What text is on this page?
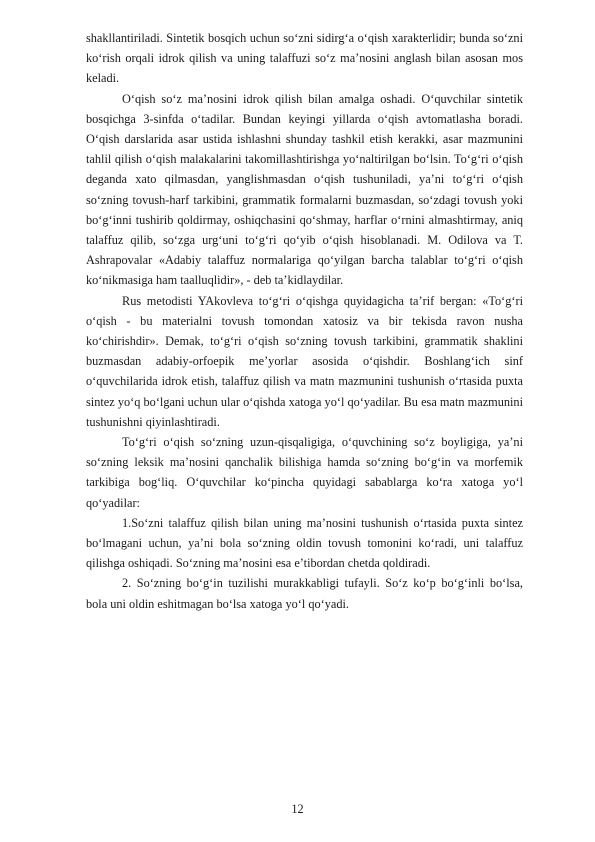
shakllantiriladi. Sintetik bosqich uchun so‘zni sidirg‘a o‘qish xarakterlidir; bunda so‘zni ko‘rish orqali idrok qilish va uning talaffuzi so‘z ma’nosini anglash bilan asosan mos keladi.

O‘qish so‘z ma’nosini idrok qilish bilan amalga oshadi. O‘quvchilar sintetik bosqichga 3-sinfda o‘tadilar. Bundan keyingi yillarda o‘qish avtomatlasha boradi. O‘qish darslarida asar ustida ishlashni shunday tashkil etish kerakki, asar mazmunini tahlil qilish o‘qish malakalarini takomillashtirishga yo‘naltirilgan bo‘lsin. To‘g‘ri o‘qish deganda xato qilmasdan, yanglishmasdan o‘qish tushuniladi, ya’ni to‘g‘ri o‘qish so‘zning tovush-harf tarkibini, grammatik formalarni buzmasdan, so‘zdagi tovush yoki bo‘g‘inni tushirib qoldirmay, oshiqchasini qo‘shmay, harflar o‘rnini almashtirmay, aniq talaffuz qilib, so‘zga urg‘uni to‘g‘ri qo‘yib o‘qish hisoblanadi. M. Odilova va T. Ashrapovalar «Adabiy talaffuz normalariga qo‘yilgan barcha talablar to‘g‘ri o‘qish ko‘nikmasiga ham taalluqlidir», - deb ta’kidlaydilar.

Rus metodisti YAkovleva to‘g‘ri o‘qishga quyidagicha ta’rif bergan: «To‘g‘ri o‘qish - bu materialni tovush tomondan xatosiz va bir tekisda ravon nusha ko‘chirishdir». Demak, to‘g‘ri o‘qish so‘zning tovush tarkibini, grammatik shaklini buzmasdan adabiy-orfoepik me’yorlar asosida o‘qishdir. Boshlang‘ich sinf o‘quvchilarida idrok etish, talaffuz qilish va matn mazmunini tushunish o‘rtasida puxta sintez yo‘q bo‘lgani uchun ular o‘qishda xatoga yo‘l qo‘yadilar. Bu esa matn mazmunini tushunishni qiyinlashtiradi.

To‘g‘ri o‘qish so‘zning uzun-qisqaligiga, o‘quvchining so‘z boyligiga, ya’ni so‘zning leksik ma’nosini qanchalik bilishiga hamda so‘zning bo‘g‘in va morfemik tarkibiga bog‘liq. O‘quvchilar ko‘pincha quyidagi sabablarga ko‘ra xatoga yo‘l qo‘yadilar:

1.So‘zni talaffuz qilish bilan uning ma’nosini tushunish o‘rtasida puxta sintez bo‘lmagani uchun, ya’ni bola so‘zning oldin tovush tomonini ko‘radi, uni talaffuz qilishga oshiqadi. So‘zning ma’nosini esa e’tibordan chetda qoldiradi.

2. So‘zning bo‘g‘in tuzilishi murakkabligi tufayli. So‘z ko‘p bo‘g‘inli bo‘lsa, bola uni oldin eshitmagan bo‘lsa xatoga yo‘l qo‘yadi.

12
